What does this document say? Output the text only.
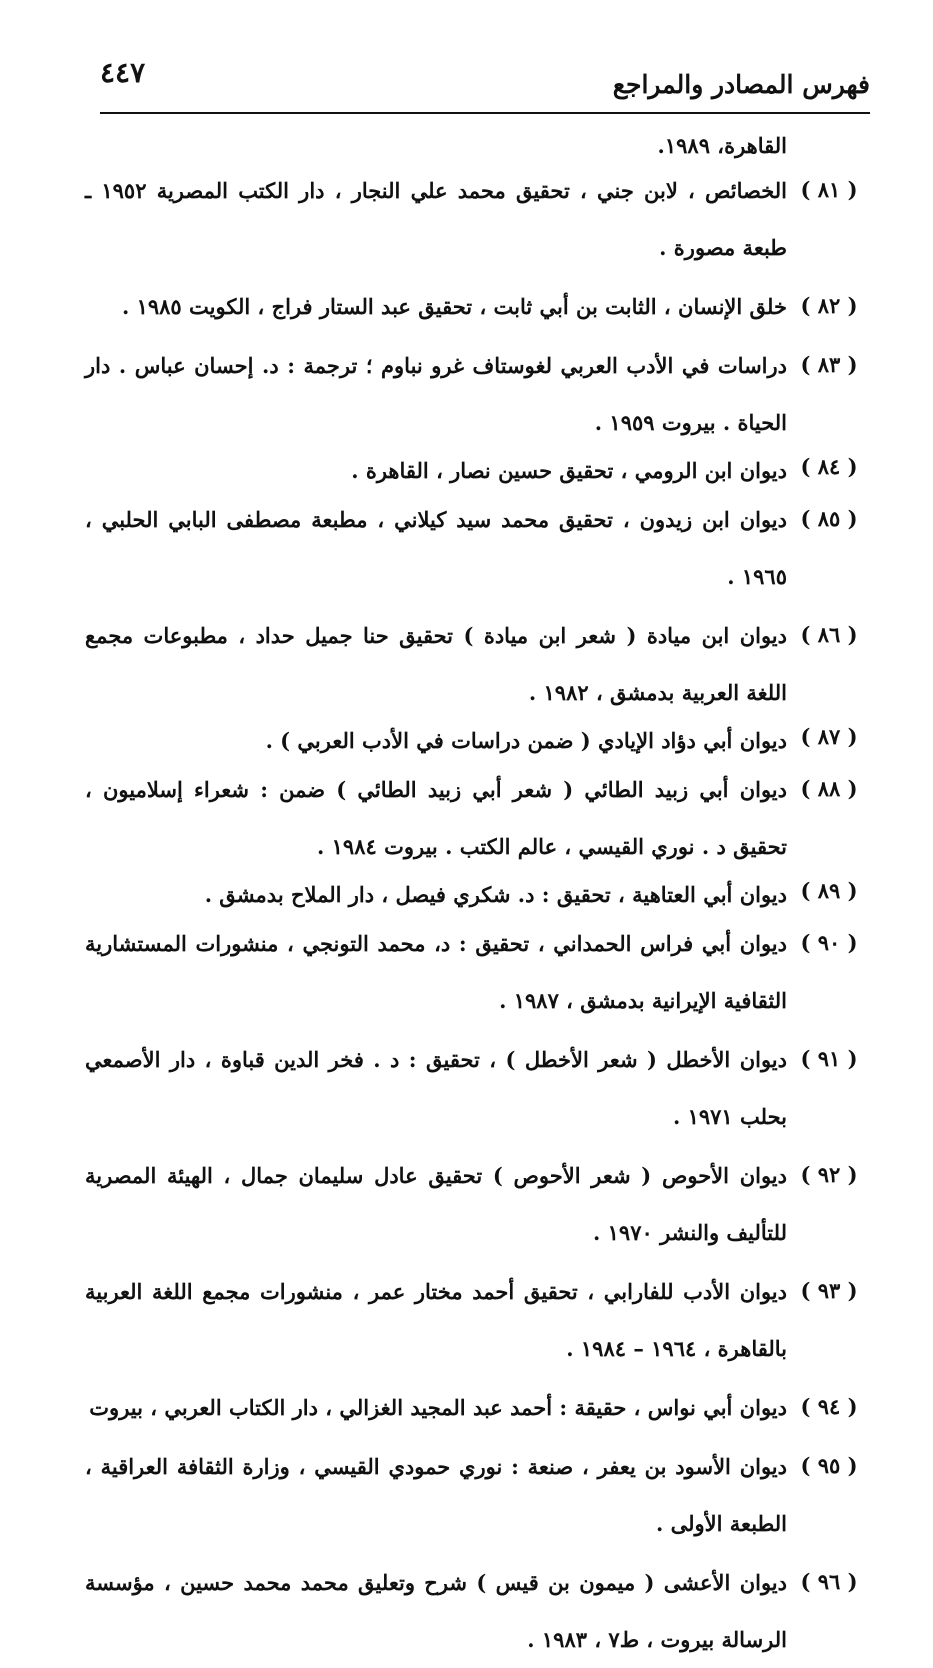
فهرس المصادر والمراجع
٤٤٧
القاهرة، ١٩٨٩.
( ٨١ )
الخصائص ، لابن جني ، تحقيق محمد علي النجار ، دار الكتب المصرية ١٩٥٢ ـ طبعة مصورة .
( ٨٢ )
خلق الإنسان ، الثابت بن أبي ثابت ، تحقيق عبد الستار فراج ، الكويت ١٩٨٥ .
( ٨٣ )
دراسات في الأدب العربي لغوستاف غرو نباوم ؛ ترجمة : د. إحسان عباس . دار الحياة . بيروت ١٩٥٩ .
( ٨٤ )
ديوان ابن الرومي ، تحقيق حسين نصار ، القاهرة .
( ٨٥ )
ديوان ابن زيدون ، تحقيق محمد سيد كيلاني ، مطبعة مصطفى البابي الحلبي ، ١٩٦٥ .
( ٨٦ )
ديوان ابن ميادة ( شعر ابن ميادة ) تحقيق حنا جميل حداد ، مطبوعات مجمع اللغة العربية بدمشق ، ١٩٨٢ .
( ٨٧ )
ديوان أبي دؤاد الإيادي ( ضمن دراسات في الأدب العربي ) .
( ٨٨ )
ديوان أبي زبيد الطائي ( شعر أبي زبيد الطائي ) ضمن : شعراء إسلاميون ، تحقيق د . نوري القيسي ، عالم الكتب . بيروت ١٩٨٤ .
( ٨٩ )
ديوان أبي العتاهية ، تحقيق : د. شكري فيصل ، دار الملاح بدمشق .
( ٩٠ )
ديوان أبي فراس الحمداني ، تحقيق : د، محمد التونجي ، منشورات المستشارية الثقافية الإيرانية بدمشق ، ١٩٨٧ .
( ٩١ )
ديوان الأخطل ( شعر الأخطل ) ، تحقيق : د . فخر الدين قباوة ، دار الأصمعي بحلب ١٩٧١ .
( ٩٢ )
ديوان الأحوص ( شعر الأحوص ) تحقيق عادل سليمان جمال ، الهيئة المصرية للتأليف والنشر ١٩٧٠ .
( ٩٣ )
ديوان الأدب للفارابي ، تحقيق أحمد مختار عمر ، منشورات مجمع اللغة العربية بالقاهرة ، ١٩٦٤ – ١٩٨٤ .
( ٩٤ )
ديوان أبي نواس ، حقيقة : أحمد عبد المجيد الغزالي ، دار الكتاب العربي ، بيروت
( ٩٥ )
ديوان الأسود بن يعفر ، صنعة : نوري حمودي القيسي ، وزارة الثقافة العراقية ، الطبعة الأولى .
( ٩٦ )
ديوان الأعشى ( ميمون بن قيس ) شرح وتعليق محمد محمد حسين ، مؤسسة الرسالة بيروت ، ط٧ ، ١٩٨٣ .
